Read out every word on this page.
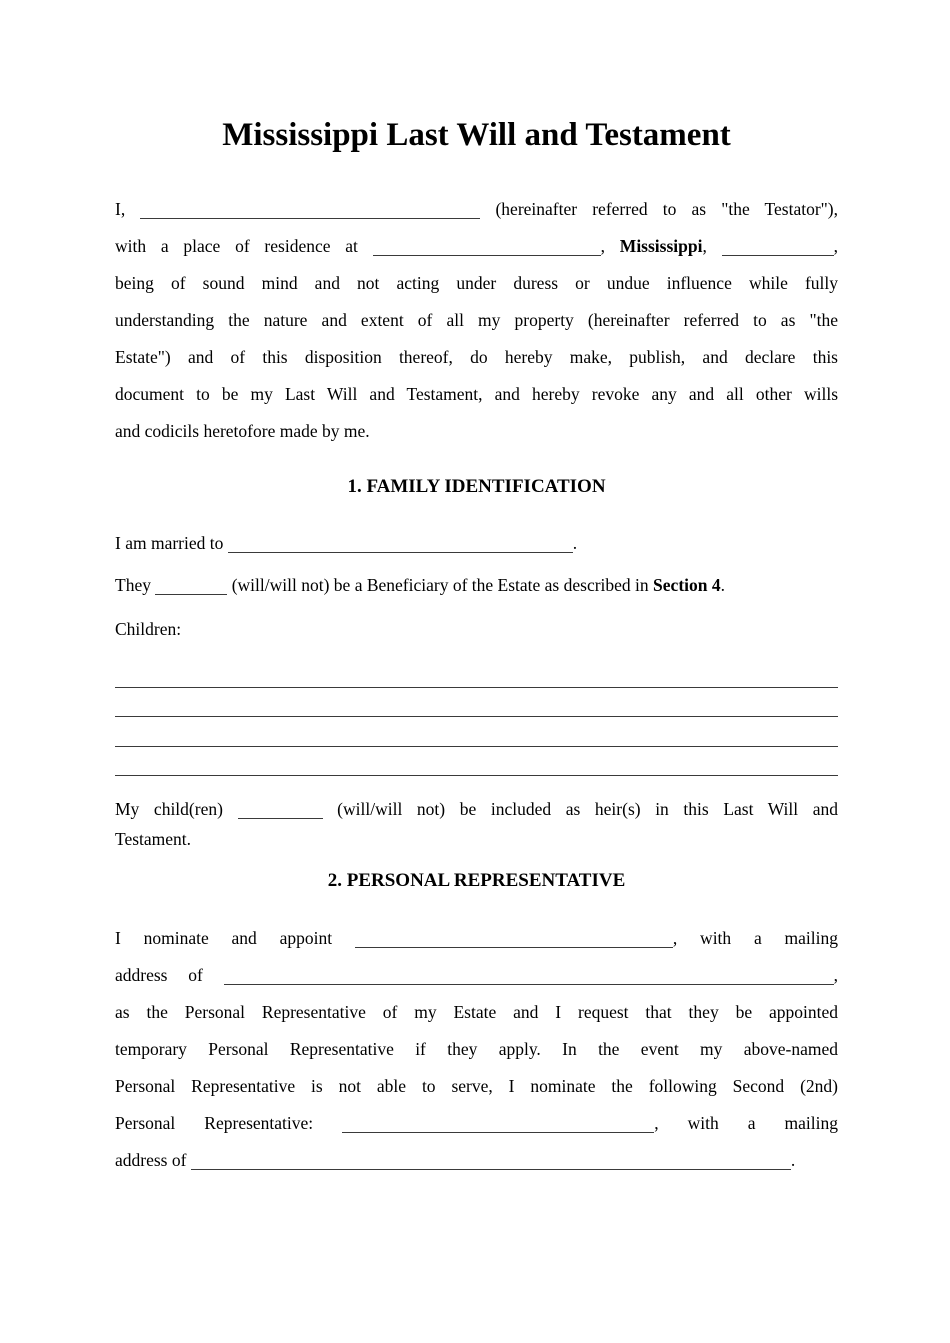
Mississippi Last Will and Testament
I,	(hereinafter referred to as "the Testator"),
with a place of residence at	, Mississippi,	,
being of sound mind and not acting under duress or undue influence while fully
understanding the nature and extent of all my property (hereinafter referred to as "the
Estate") and of this disposition thereof, do hereby make, publish, and declare this
document to be my Last Will and Testament, and hereby revoke any and all other wills
and codicils heretofore made by me.
1. FAMILY IDENTIFICATION
I am married to	.
They	(will/will not) be a Beneficiary of the Estate as described in Section 4.
Children:
My child(ren)	(will/will not) be included as heir(s) in this Last Will and
Testament.
2. PERSONAL REPRESENTATIVE
I nominate and appoint	, with a mailing
address of	,
as the Personal Representative of my Estate and I request that they be appointed
temporary Personal Representative if they apply. In the event my above-named
Personal Representative is not able to serve, I nominate the following Second (2nd)
Personal Representative:	, with a mailing
address of	.
